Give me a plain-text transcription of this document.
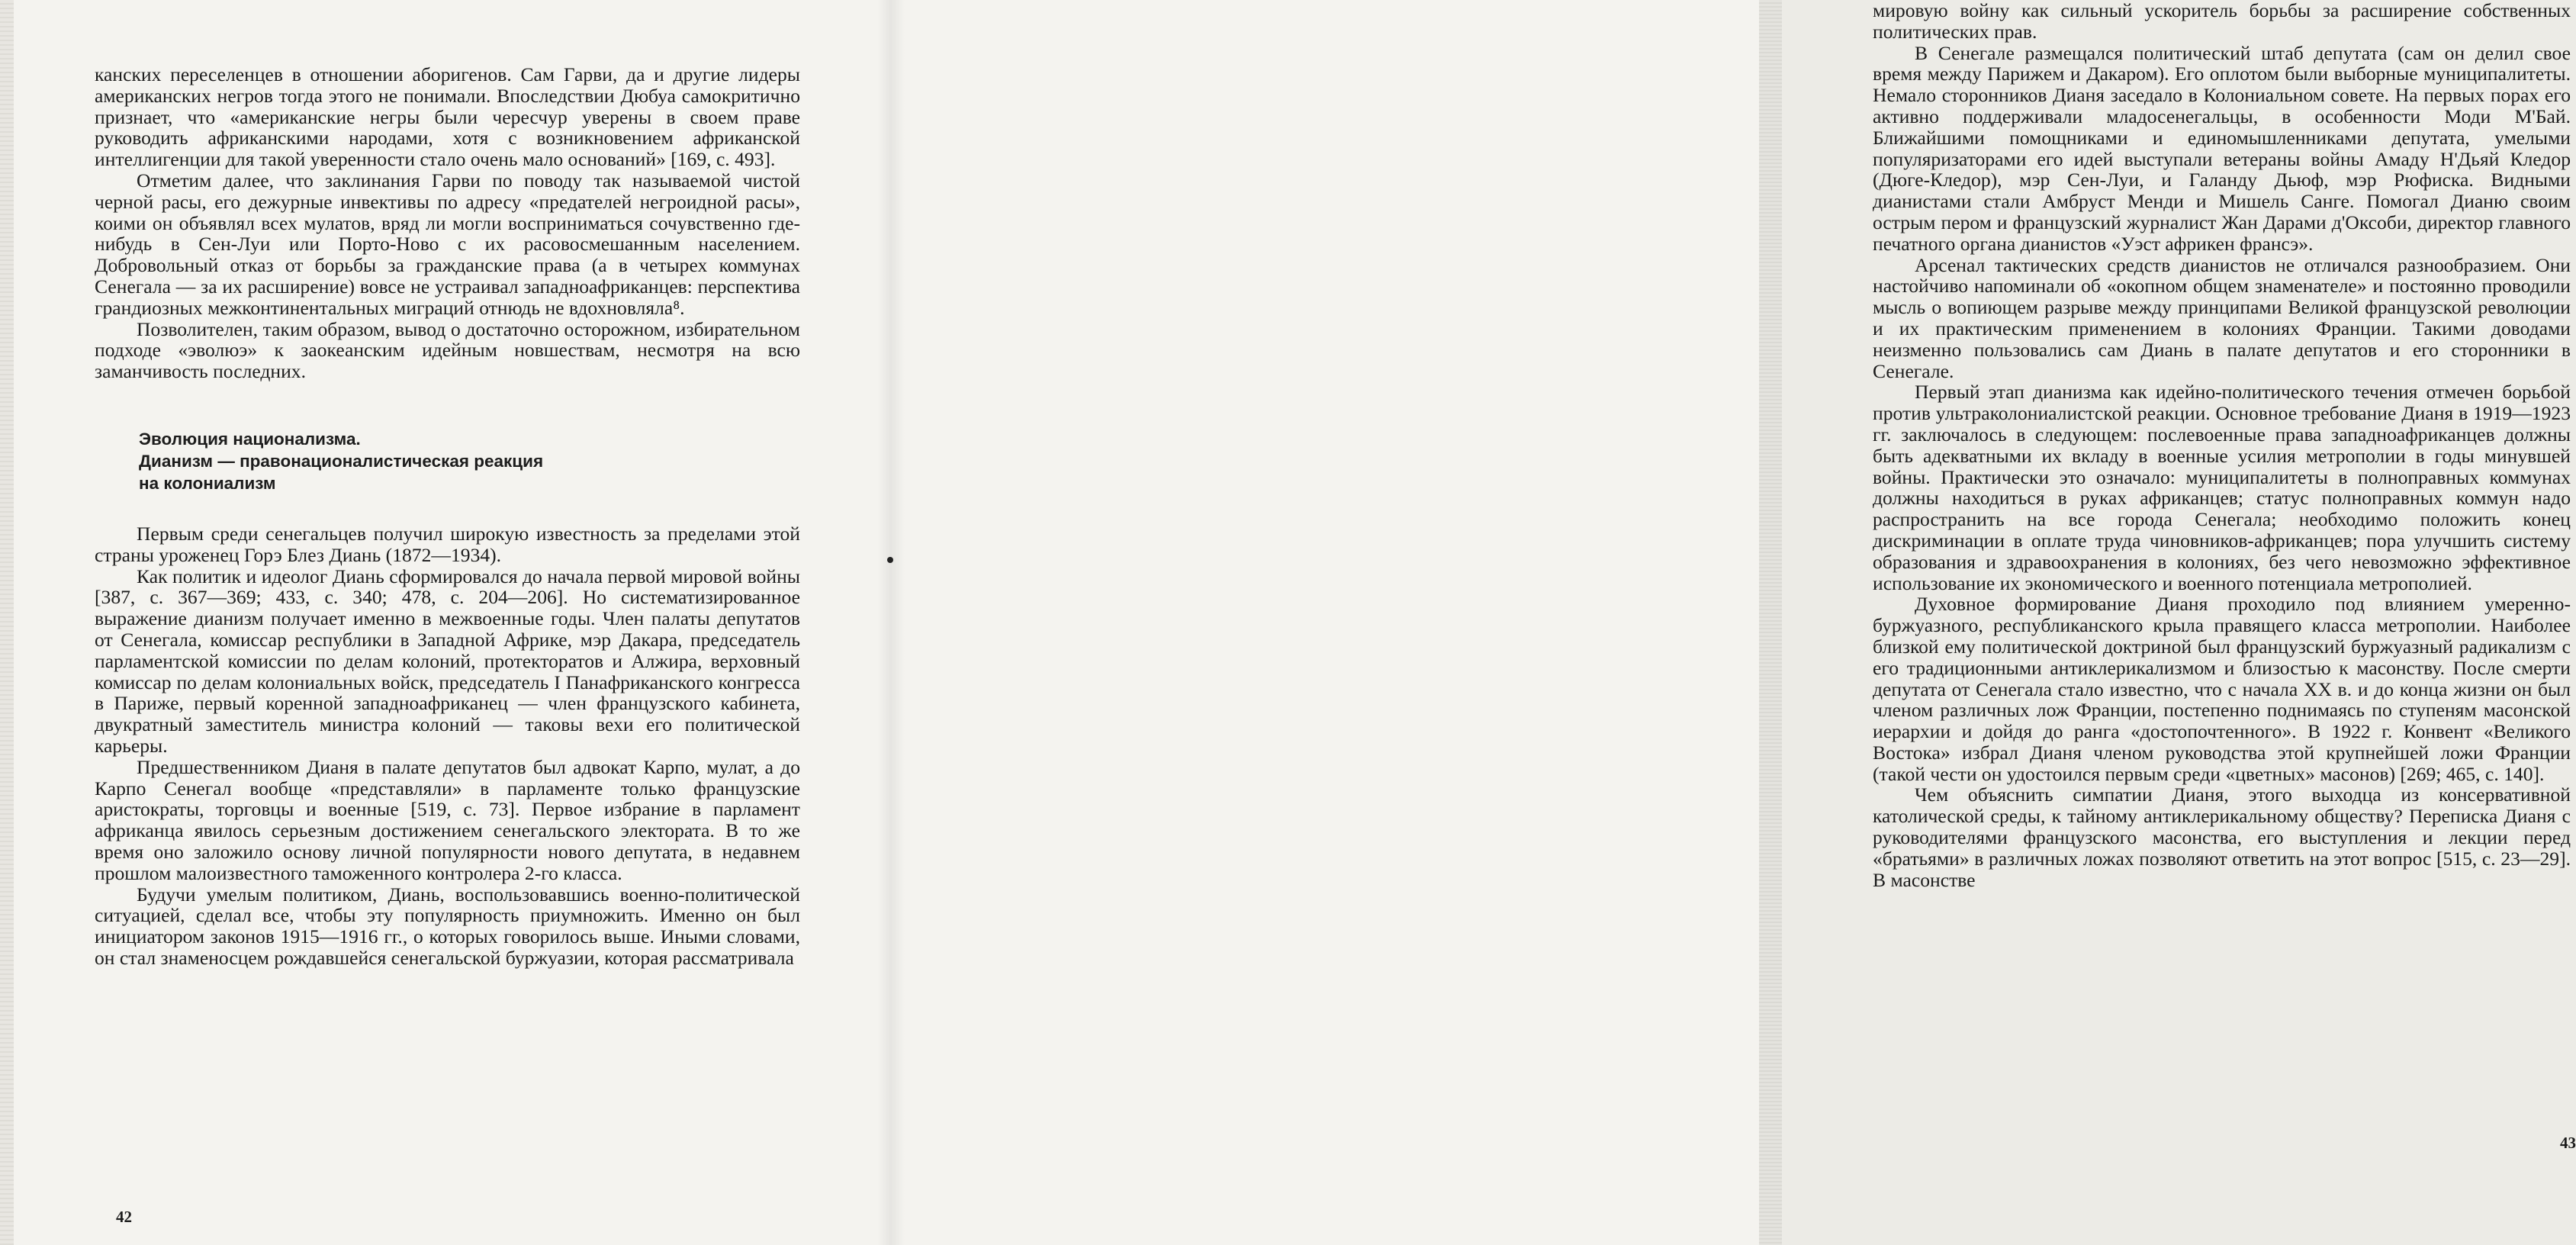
канских переселенцев в отношении аборигенов. Сам Гарви, да и другие лидеры американских негров тогда этого не понимали. Впоследствии Дюбуа самокритично признает, что «американские негры были чересчур уверены в своем праве руководить африканскими народами, хотя с возникновением африканской интеллигенции для такой уверенности стало очень мало оснований» [169, с. 493].

Отметим далее, что заклинания Гарви по поводу так называемой чистой черной расы, его дежурные инвективы по адресу «предателей негроидной расы», коими он объявлял всех мулатов, вряд ли могли восприниматься сочувственно где-нибудь в Сен-Луи или Порто-Ново с их расовосмешанным населением. Добровольный отказ от борьбы за гражданские права (а в четырех коммунах Сенегала — за их расширение) вовсе не устраивал западноафриканцев: перспектива грандиозных межконтинентальных миграций отнюдь не вдохновляла⁸.

Позволителен, таким образом, вывод о достаточно осторожном, избирательном подходе «эволюэ» к заокеанским идейным новшествам, несмотря на всю заманчивость последних.

Эволюция национализма.
Дианизм — правонационалистическая реакция
на колониализм

Первым среди сенегальцев получил широкую известность за пределами этой страны уроженец Горэ Блез Диань (1872—1934).

Как политик и идеолог Диань сформировался до начала первой мировой войны [387, с. 367—369; 433, с. 340; 478, с. 204—206]. Но систематизированное выражение дианизм получает именно в межвоенные годы. Член палаты депутатов от Сенегала, комиссар республики в Западной Африке, мэр Дакара, председатель парламентской комиссии по делам колоний, протекторатов и Алжира, верховный комиссар по делам колониальных войск, председатель I Панафриканского конгресса в Париже, первый коренной западноафриканец — член французского кабинета, двукратный заместитель министра колоний — таковы вехи его политической карьеры.

Предшественником Дианя в палате депутатов был адвокат Карпо, мулат, а до Карпо Сенегал вообще «представляли» в парламенте только французские аристократы, торговцы и военные [519, с. 73]. Первое избрание в парламент африканца явилось серьезным достижением сенегальского электората. В то же время оно заложило основу личной популярности нового депутата, в недавнем прошлом малоизвестного таможенного контролера 2-го класса.

Будучи умелым политиком, Диань, воспользовавшись военно-политической ситуацией, сделал все, чтобы эту популярность приумножить. Именно он был инициатором законов 1915—1916 гг., о которых говорилось выше. Иными словами, он стал знаменосцем рождавшейся сенегальской буржуазии, которая рассматривала

42

мировую войну как сильный ускоритель борьбы за расширение собственных политических прав.

В Сенегале размещался политический штаб депутата (сам он делил свое время между Парижем и Дакаром). Его оплотом были выборные муниципалитеты. Немало сторонников Дианя заседало в Колониальном совете. На первых порах его активно поддерживали младосенегальцы, в особенности Моди М'Бай. Ближайшими помощниками и единомышленниками депутата, умелыми популяризаторами его идей выступали ветераны войны Амаду Н'Дьяй Кледор (Дюге-Кледор), мэр Сен-Луи, и Галанду Дьюф, мэр Рюфиска. Видными дианистами стали Амбруст Менди и Мишель Санге. Помогал Дианю своим острым пером и французский журналист Жан Дарами д'Оксоби, директор главного печатного органа дианистов «Уэст африкен франсэ».

Арсенал тактических средств дианистов не отличался разнообразием. Они настойчиво напоминали об «окопном общем знаменателе» и постоянно проводили мысль о вопиющем разрыве между принципами Великой французской революции и их практическим применением в колониях Франции. Такими доводами неизменно пользовались сам Диань в палате депутатов и его сторонники в Сенегале.

Первый этап дианизма как идейно-политического течения отмечен борьбой против ультраколониалистской реакции. Основное требование Дианя в 1919—1923 гг. заключалось в следующем: послевоенные права западноафриканцев должны быть адекватными их вкладу в военные усилия метрополии в годы минувшей войны. Практически это означало: муниципалитеты в полноправных коммунах должны находиться в руках африканцев; статус полноправных коммун надо распространить на все города Сенегала; необходимо положить конец дискриминации в оплате труда чиновников-африканцев; пора улучшить систему образования и здравоохранения в колониях, без чего невозможно эффективное использование их экономического и военного потенциала метрополией.

Духовное формирование Дианя проходило под влиянием умеренно-буржуазного, республиканского крыла правящего класса метрополии. Наиболее близкой ему политической доктриной был французский буржуазный радикализм с его традиционными антиклерикализмом и близостью к масонству. После смерти депутата от Сенегала стало известно, что с начала XX в. и до конца жизни он был членом различных лож Франции, постепенно поднимаясь по ступеням масонской иерархии и дойдя до ранга «достопочтенного». В 1922 г. Конвент «Великого Востока» избрал Дианя членом руководства этой крупнейшей ложи Франции (такой чести он удостоился первым среди «цветных» масонов) [269; 465, с. 140].

Чем объяснить симпатии Дианя, этого выходца из консервативной католической среды, к тайному антиклерикальному обществу? Переписка Дианя с руководителями французского масонства, его выступления и лекции перед «братьями» в различных ложах позволяют ответить на этот вопрос [515, с. 23—29]. В масонстве

43
